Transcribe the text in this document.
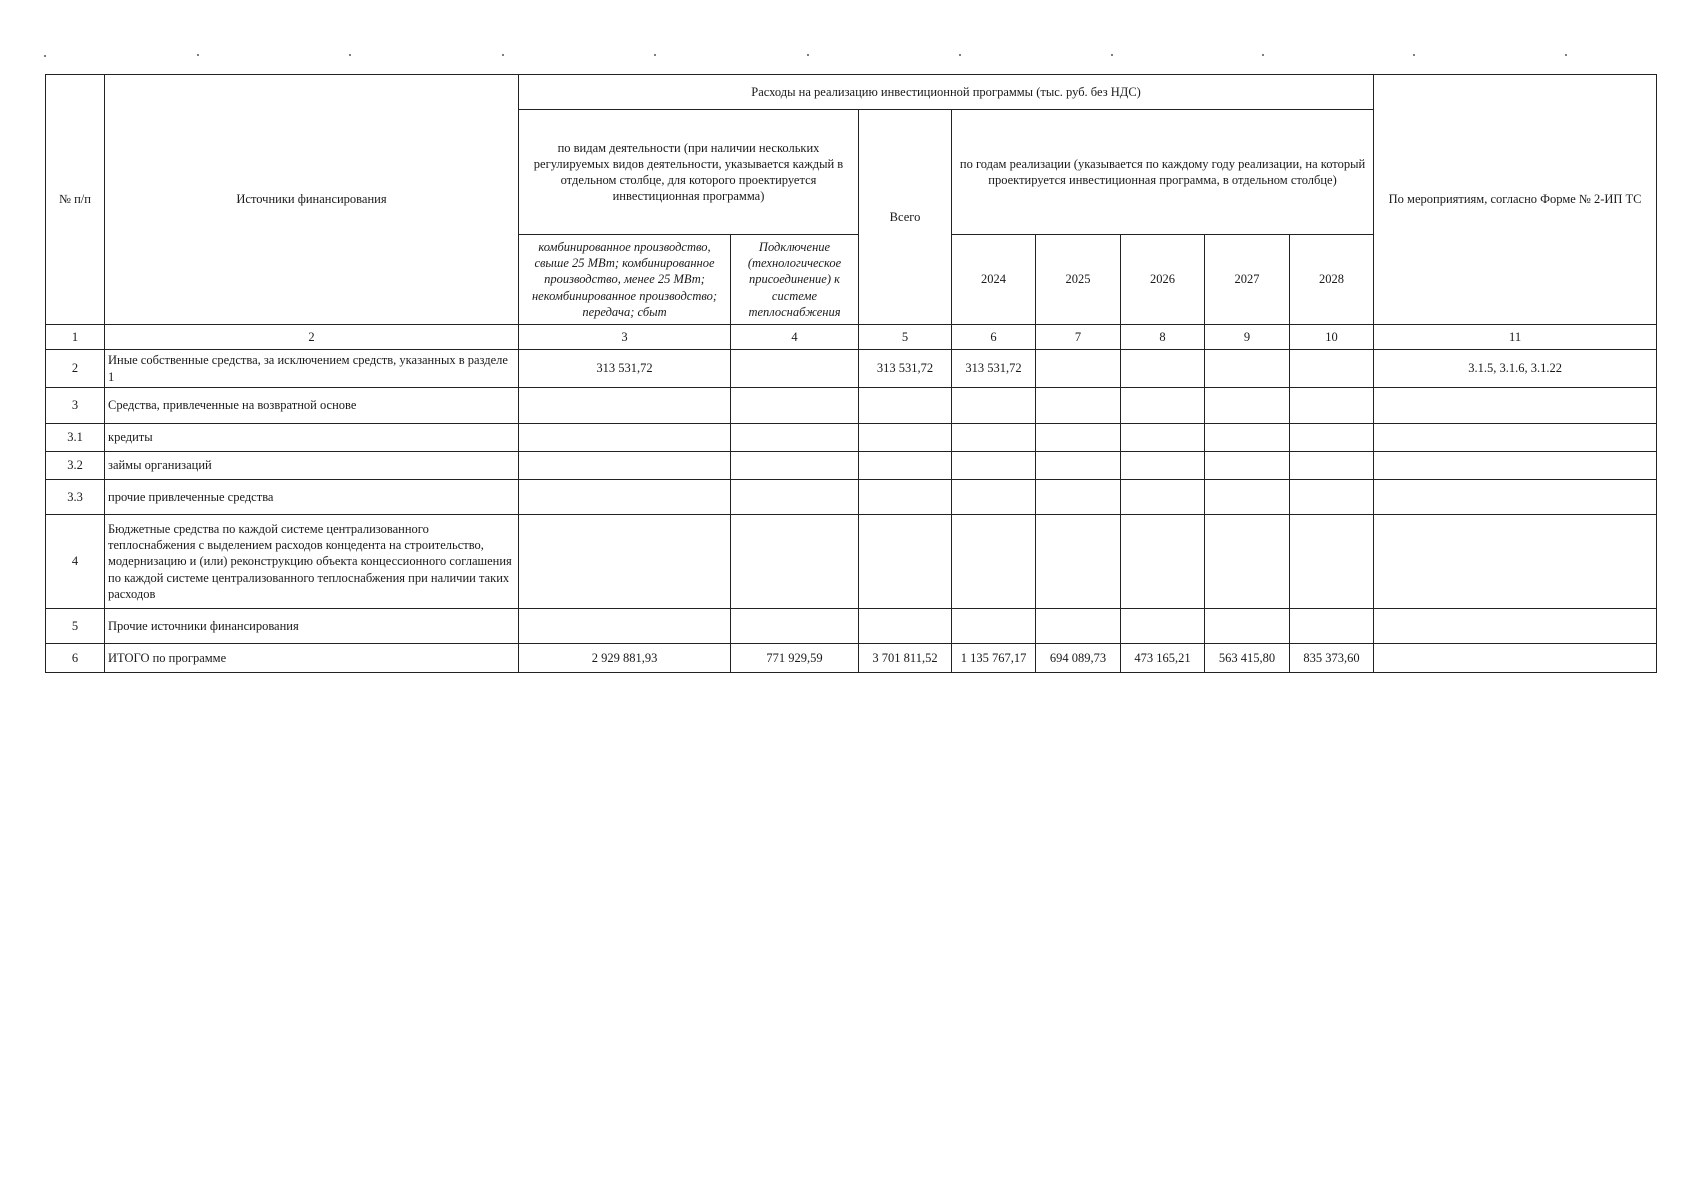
№ п/п	Источники финансирования	Расходы на реализацию инвестиционной программы (тыс. руб. без НДС)								По мероприятиям, согласно Форме № 2-ИП ТС
		по видам деятельности (при наличии нескольких регулируемых видов деятельности, указывается каждый в отдельном столбце, для которого проектируется инвестиционная программа)		Всего	по годам реализации (указывается по каждому году реализации, на который проектируется инвестиционная программа, в отдельном столбце)					

		комбинированное производство, свыше 25 МВт; комбинированное производство, менее 25 МВт; некомбинированное производство; передача; сбыт	Подключение (технологическое присоединение) к системе теплоснабжения		2024	2025	2026	2027	2028	
1	2	3	4	5	6	7	8	9	10	11
2	Иные собственные средства, за исключением средств, указанных в разделе 1	313 531,72		313 531,72	313 531,72					3.1.5, 3.1.6, 3.1.22
3	Средства, привлеченные на возвратной основе									
3.1	кредиты									
3.2	займы организаций									
3.3	прочие привлеченные средства									
4	Бюджетные средства по каждой системе централизованного теплоснабжения с выделением расходов концедента на строительство, модернизацию и (или) реконструкцию объекта концессионного соглашения по каждой системе централизованного теплоснабжения при наличии таких расходов									
5	Прочие источники финансирования									
6	ИТОГО по программе	2 929 881,93	771 929,59	3 701 811,52	1 135 767,17	694 089,73	473 165,21	563 415,80	835 373,60	
